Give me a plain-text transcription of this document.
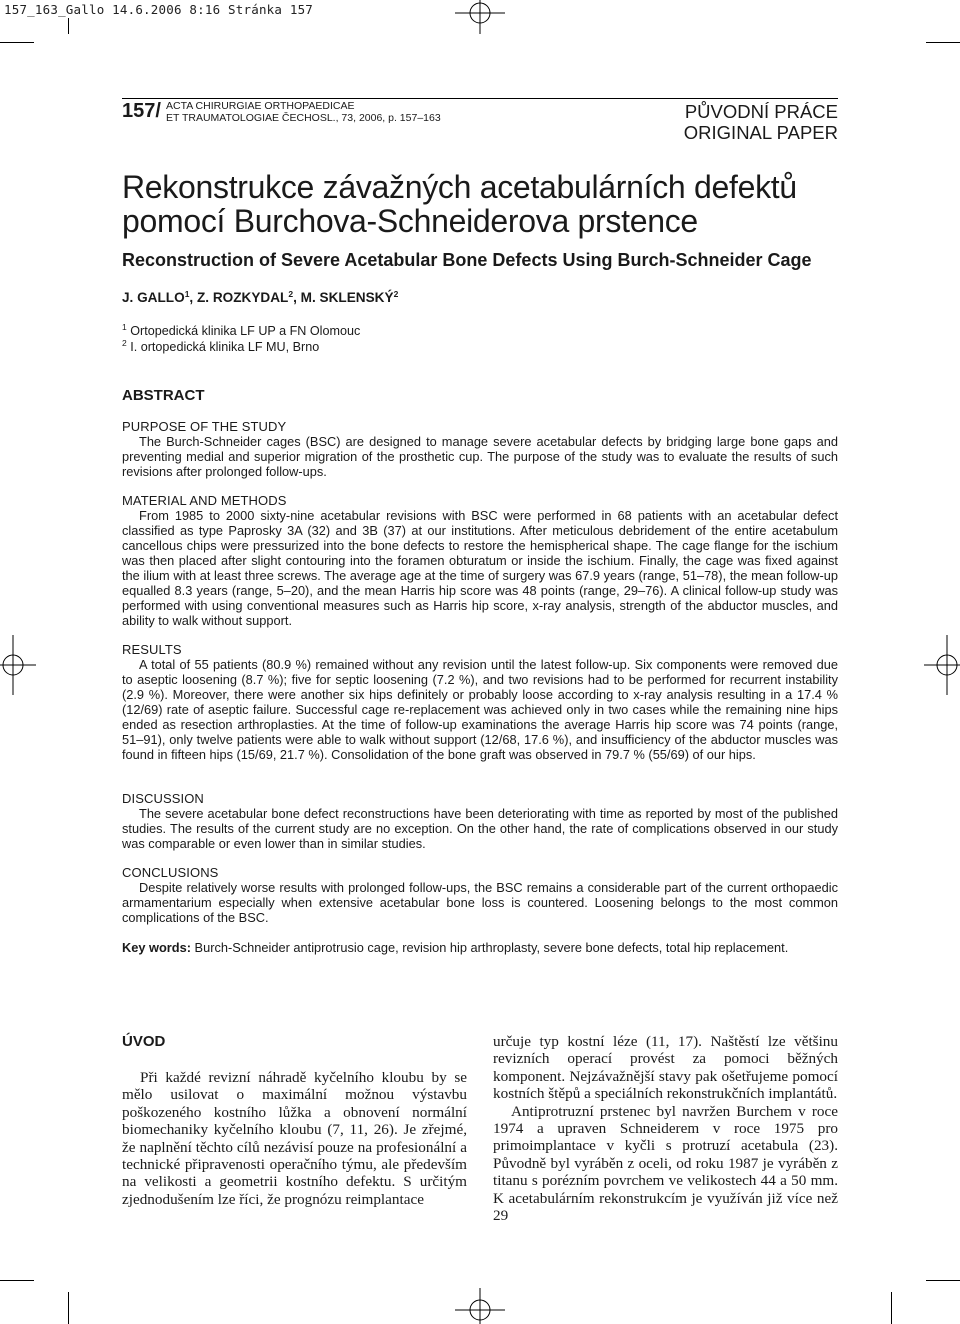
157_163_Gallo 14.6.2006 8:16 Stránka 157
157/ ACTA CHIRURGIAE ORTHOPAEDICAE
ET TRAUMATOLOGIAE ČECHOSL., 73, 2006, p. 157–163	PŮVODNÍ PRÁCE
ORIGINAL PAPER
Rekonstrukce závažných acetabulárních defektů
pomocí Burchova-Schneiderova prstence
Reconstruction of Severe Acetabular Bone Defects Using Burch-Schneider Cage
J. GALLO$^1$, Z. ROZKYDAL$^2$, M. SKLENSKÝ$^2$
$^1$ Ortopedická klinika LF UP a FN Olomouc
$^2$ I. ortopedická klinika LF MU, Brno
ABSTRACT
PURPOSE OF THE STUDY

The Burch-Schneider cages (BSC) are designed to manage severe acetabular defects by bridging large bone gaps and preventing medial and superior migration of the prosthetic cup. The purpose of the study was to evaluate the results of such revisions after prolonged follow-ups.

MATERIAL AND METHODS

From 1985 to 2000 sixty-nine acetabular revisions with BSC were performed in 68 patients with an acetabular defect classified as type Paprosky 3A (32) and 3B (37) at our institutions. After meticulous debridement of the entire acetabulum cancellous chips were pressurized into the bone defects to restore the hemispherical shape. The cage flange for the ischium was then placed after slight contouring into the foramen obturatum or inside the ischium. Finally, the cage was fixed against the ilium with at least three screws. The average age at the time of surgery was 67.9 years (range, 51–78), the mean follow-up equalled 8.3 years (range, 5–20), and the mean Harris hip score was 48 points (range, 29–76). A clinical follow-up study was performed with using conventional measures such as Harris hip score, x-ray analysis, strength of the abductor muscles, and ability to walk without support.

RESULTS

A total of 55 patients (80.9 %) remained without any revision until the latest follow-up. Six components were removed due to aseptic loosening (8.7 %); five for septic loosening (7.2 %), and two revisions had to be performed for recurrent instability (2.9 %). Moreover, there were another six hips definitely or probably loose according to x-ray analysis resulting in a 17.4 % (12/69) rate of aseptic failure. Successful cage re-replacement was achieved only in two cases while the remaining nine hips ended as resection arthroplasties. At the time of follow-up examinations the average Harris hip score was 74 points (range, 51–91), only twelve patients were able to walk without support (12/68, 17.6 %), and insufficiency of the abductor muscles was found in fifteen hips (15/69, 21.7 %). Consolidation of the bone graft was observed in 79.7 % (55/69) of our hips.

DISCUSSION

The severe acetabular bone defect reconstructions have been deteriorating with time as reported by most of the published studies. The results of the current study are no exception. On the other hand, the rate of complications observed in our study was comparable or even lower than in similar studies.

CONCLUSIONS

Despite relatively worse results with prolonged follow-ups, the BSC remains a considerable part of the current orthopaedic armamentarium especially when extensive acetabular bone loss is countered. Loosening belongs to the most common complications of the BSC.

Key words: Burch-Schneider antiprotrusio cage, revision hip arthroplasty, severe bone defects, total hip replacement.
ÚVOD

Při každé revizní náhradě kyčelního kloubu by se mělo usilovat o maximální možnou výstavbu poškozeného kostního lůžka a obnovení normální biomechaniky kyčelního kloubu (7, 11, 26). Je zřejmé, že naplnění těchto cílů nezávisí pouze na profesionální a technické připravenosti operačního týmu, ale především na velikosti a geometrii kostního defektu. S určitým zjednodušením lze říci, že prognózu reimplantace

určuje typ kostní léze (11, 17). Naštěstí lze většinu revizních operací provést za pomoci běžných komponent. Nejzávažnější stavy pak ošetřujeme pomocí kostních štěpů a speciálních rekonstrukčních implantátů.

Antiprotruzní prstenec byl navržen Burchem v roce 1974 a upraven Schneiderem v roce 1975 pro primoimplantace v kyčli s protruzí acetabula (23). Původně byl vyráběn z oceli, od roku 1987 je vyráběn z titanu s porézním povrchem ve velikostech 44 a 50 mm. K acetabulárním rekonstrukcím je využíván již více než 29
